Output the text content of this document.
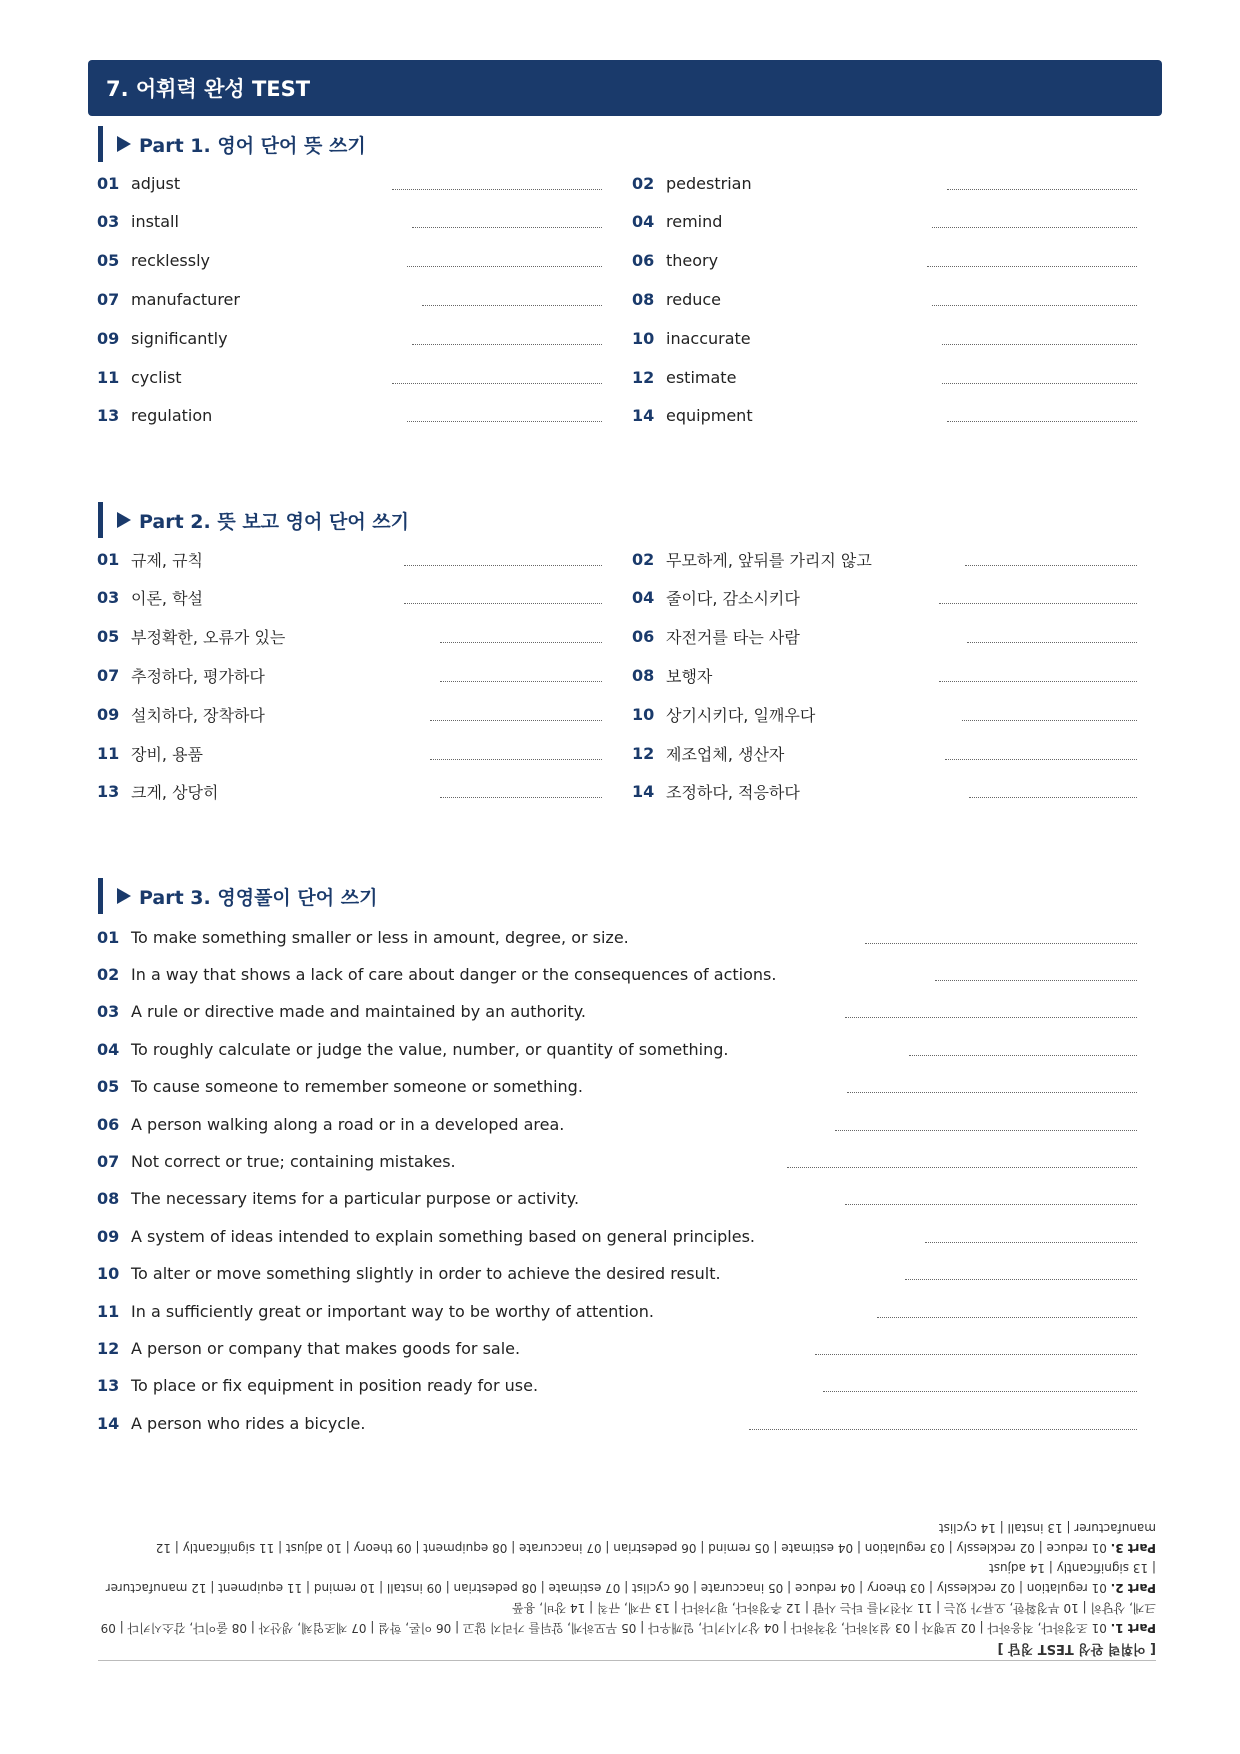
7. 어휘력 완성 TEST
Part 1. 영어 단어 뜻 쓰기
01 adjust	02 pedestrian
03 install	04 remind
05 recklessly	06 theory
07 manufacturer	08 reduce
09 significantly	10 inaccurate
11 cyclist	12 estimate
13 regulation	14 equipment
Part 2. 뜻 보고 영어 단어 쓰기
01 규제, 규칙	02 무모하게, 앞뒤를 가리지 않고
03 이론, 학설	04 줄이다, 감소시키다
05 부정확한, 오류가 있는	06 자전거를 타는 사람
07 추정하다, 평가하다	08 보행자
09 설치하다, 장착하다	10 상기시키다, 일깨우다
11 장비, 용품	12 제조업체, 생산자
13 크게, 상당히	14 조정하다, 적응하다
Part 3. 영영풀이 단어 쓰기
01 To make something smaller or less in amount, degree, or size.
02 In a way that shows a lack of care about danger or the consequences of actions.
03 A rule or directive made and maintained by an authority.
04 To roughly calculate or judge the value, number, or quantity of something.
05 To cause someone to remember someone or something.
06 A person walking along a road or in a developed area.
07 Not correct or true; containing mistakes.
08 The necessary items for a particular purpose or activity.
09 A system of ideas intended to explain something based on general principles.
10 To alter or move something slightly in order to achieve the desired result.
11 In a sufficiently great or important way to be worthy of attention.
12 A person or company that makes goods for sale.
13 To place or fix equipment in position ready for use.
14 A person who rides a bicycle.
[ 어휘력 완성 TEST 정답 ]
Part 1. 01 조정하다, 적응하다 | 02 보행자 | 03 설치하다, 장착하다 | 04 상기시키다, 일깨우다 | 05 무모하게, 앞뒤를 가리지 않고 | 06 이론, 학설 | 07 제조업체, 생산자 | 08 줄이다, 감소시키다 | 09 크게, 상당히 | 10 부정확한, 오류가 있는 | 11 자전거를 타는 사람 | 12 추정하다, 평가하다 | 13 규제, 규칙 | 14 장비, 용품
Part 2. 01 regulation | 02 recklessly | 03 theory | 04 reduce | 05 inaccurate | 06 cyclist | 07 estimate | 08 pedestrian | 09 install | 10 remind | 11 equipment | 12 manufacturer | 13 significantly | 14 adjust
Part 3. 01 reduce | 02 recklessly | 03 regulation | 04 estimate | 05 remind | 06 pedestrian | 07 inaccurate | 08 equipment | 09 theory | 10 adjust | 11 significantly | 12 manufacturer | 13 install | 14 cyclist
